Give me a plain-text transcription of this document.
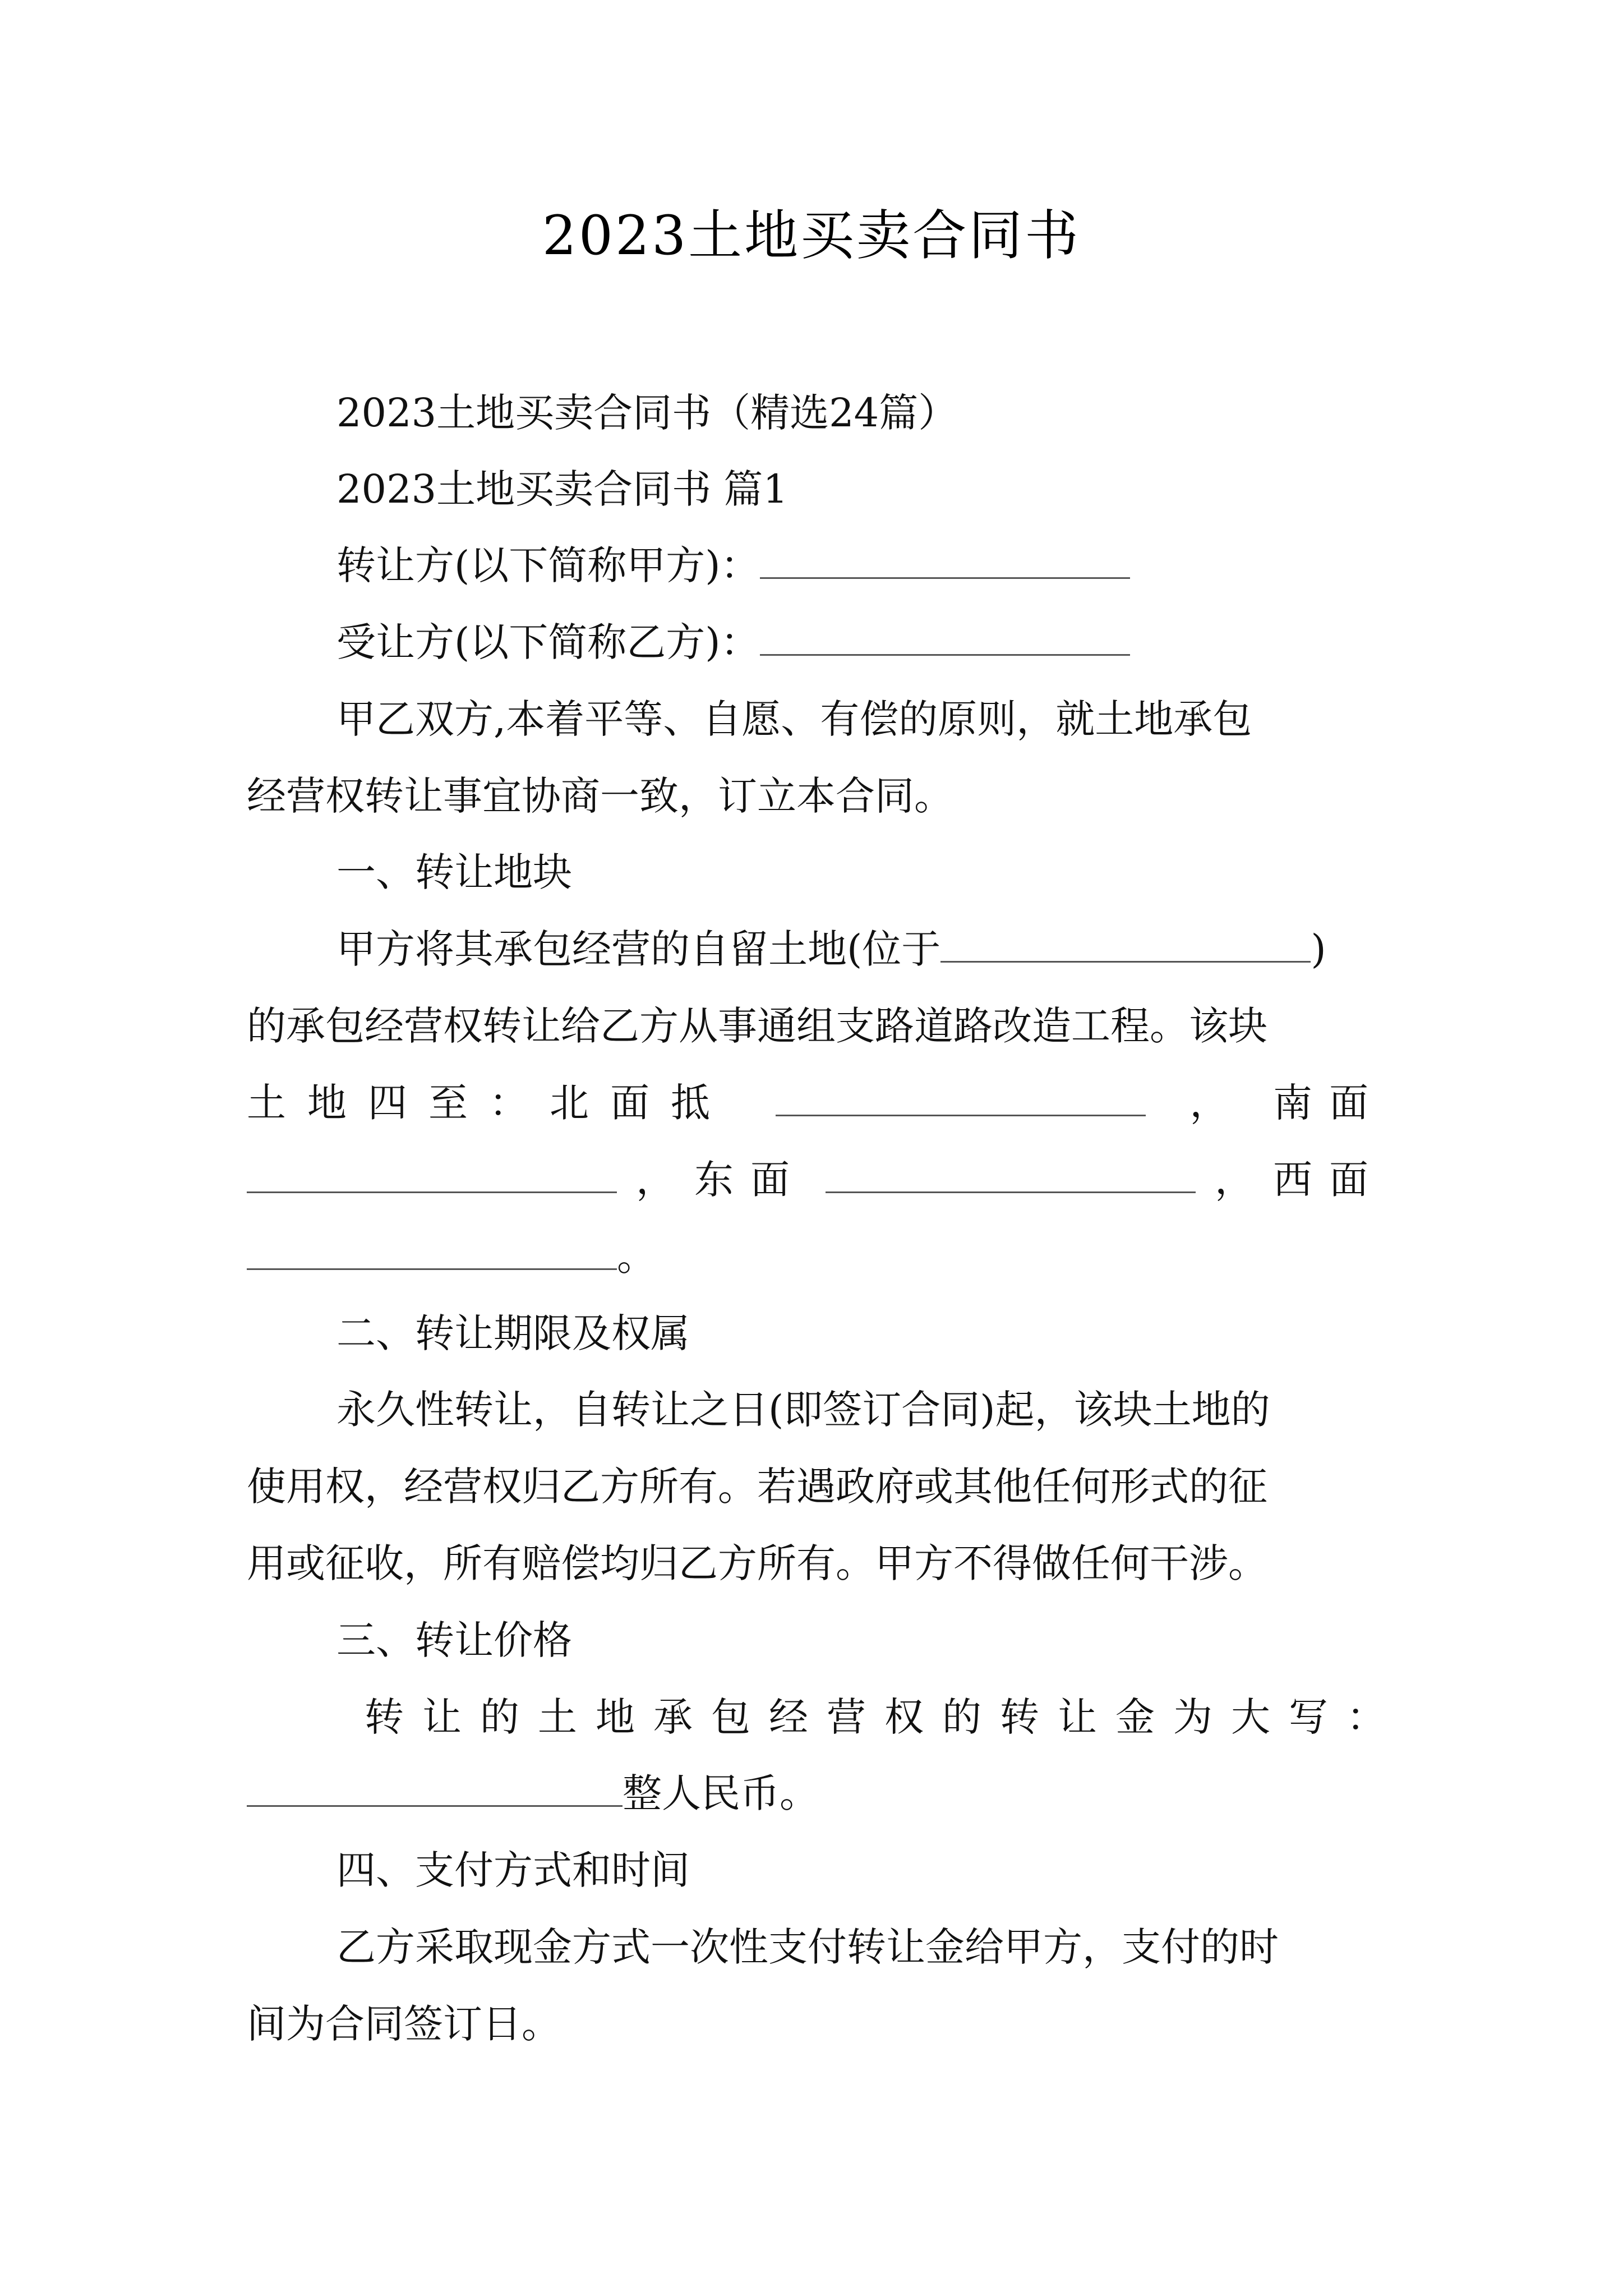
2023土地买卖合同书
2023土地买卖合同书（精选24篇）
2023土地买卖合同书 篇1
转让方(以下简称甲方)：
受让方(以下简称乙方)：
甲乙双方,本着平等、自愿、有偿的原则，就土地承包
经营权转让事宜协商一致，订立本合同。
一、转让地块
甲方将其承包经营的自留土地(位于	)
的承包经营权转让给乙方从事通组支路道路改造工程。该块
土地四至：北面抵	， 南面
， 东面	， 西面
。
二、转让期限及权属
永久性转让，自转让之日(即签订合同)起，该块土地的
使用权，经营权归乙方所有。若遇政府或其他任何形式的征
用或征收，所有赔偿均归乙方所有。甲方不得做任何干涉。
三、转让价格
转让的土地承包经营权的转让金为大写：
整人民币。
四、支付方式和时间
乙方采取现金方式一次性支付转让金给甲方，支付的时
间为合同签订日。
